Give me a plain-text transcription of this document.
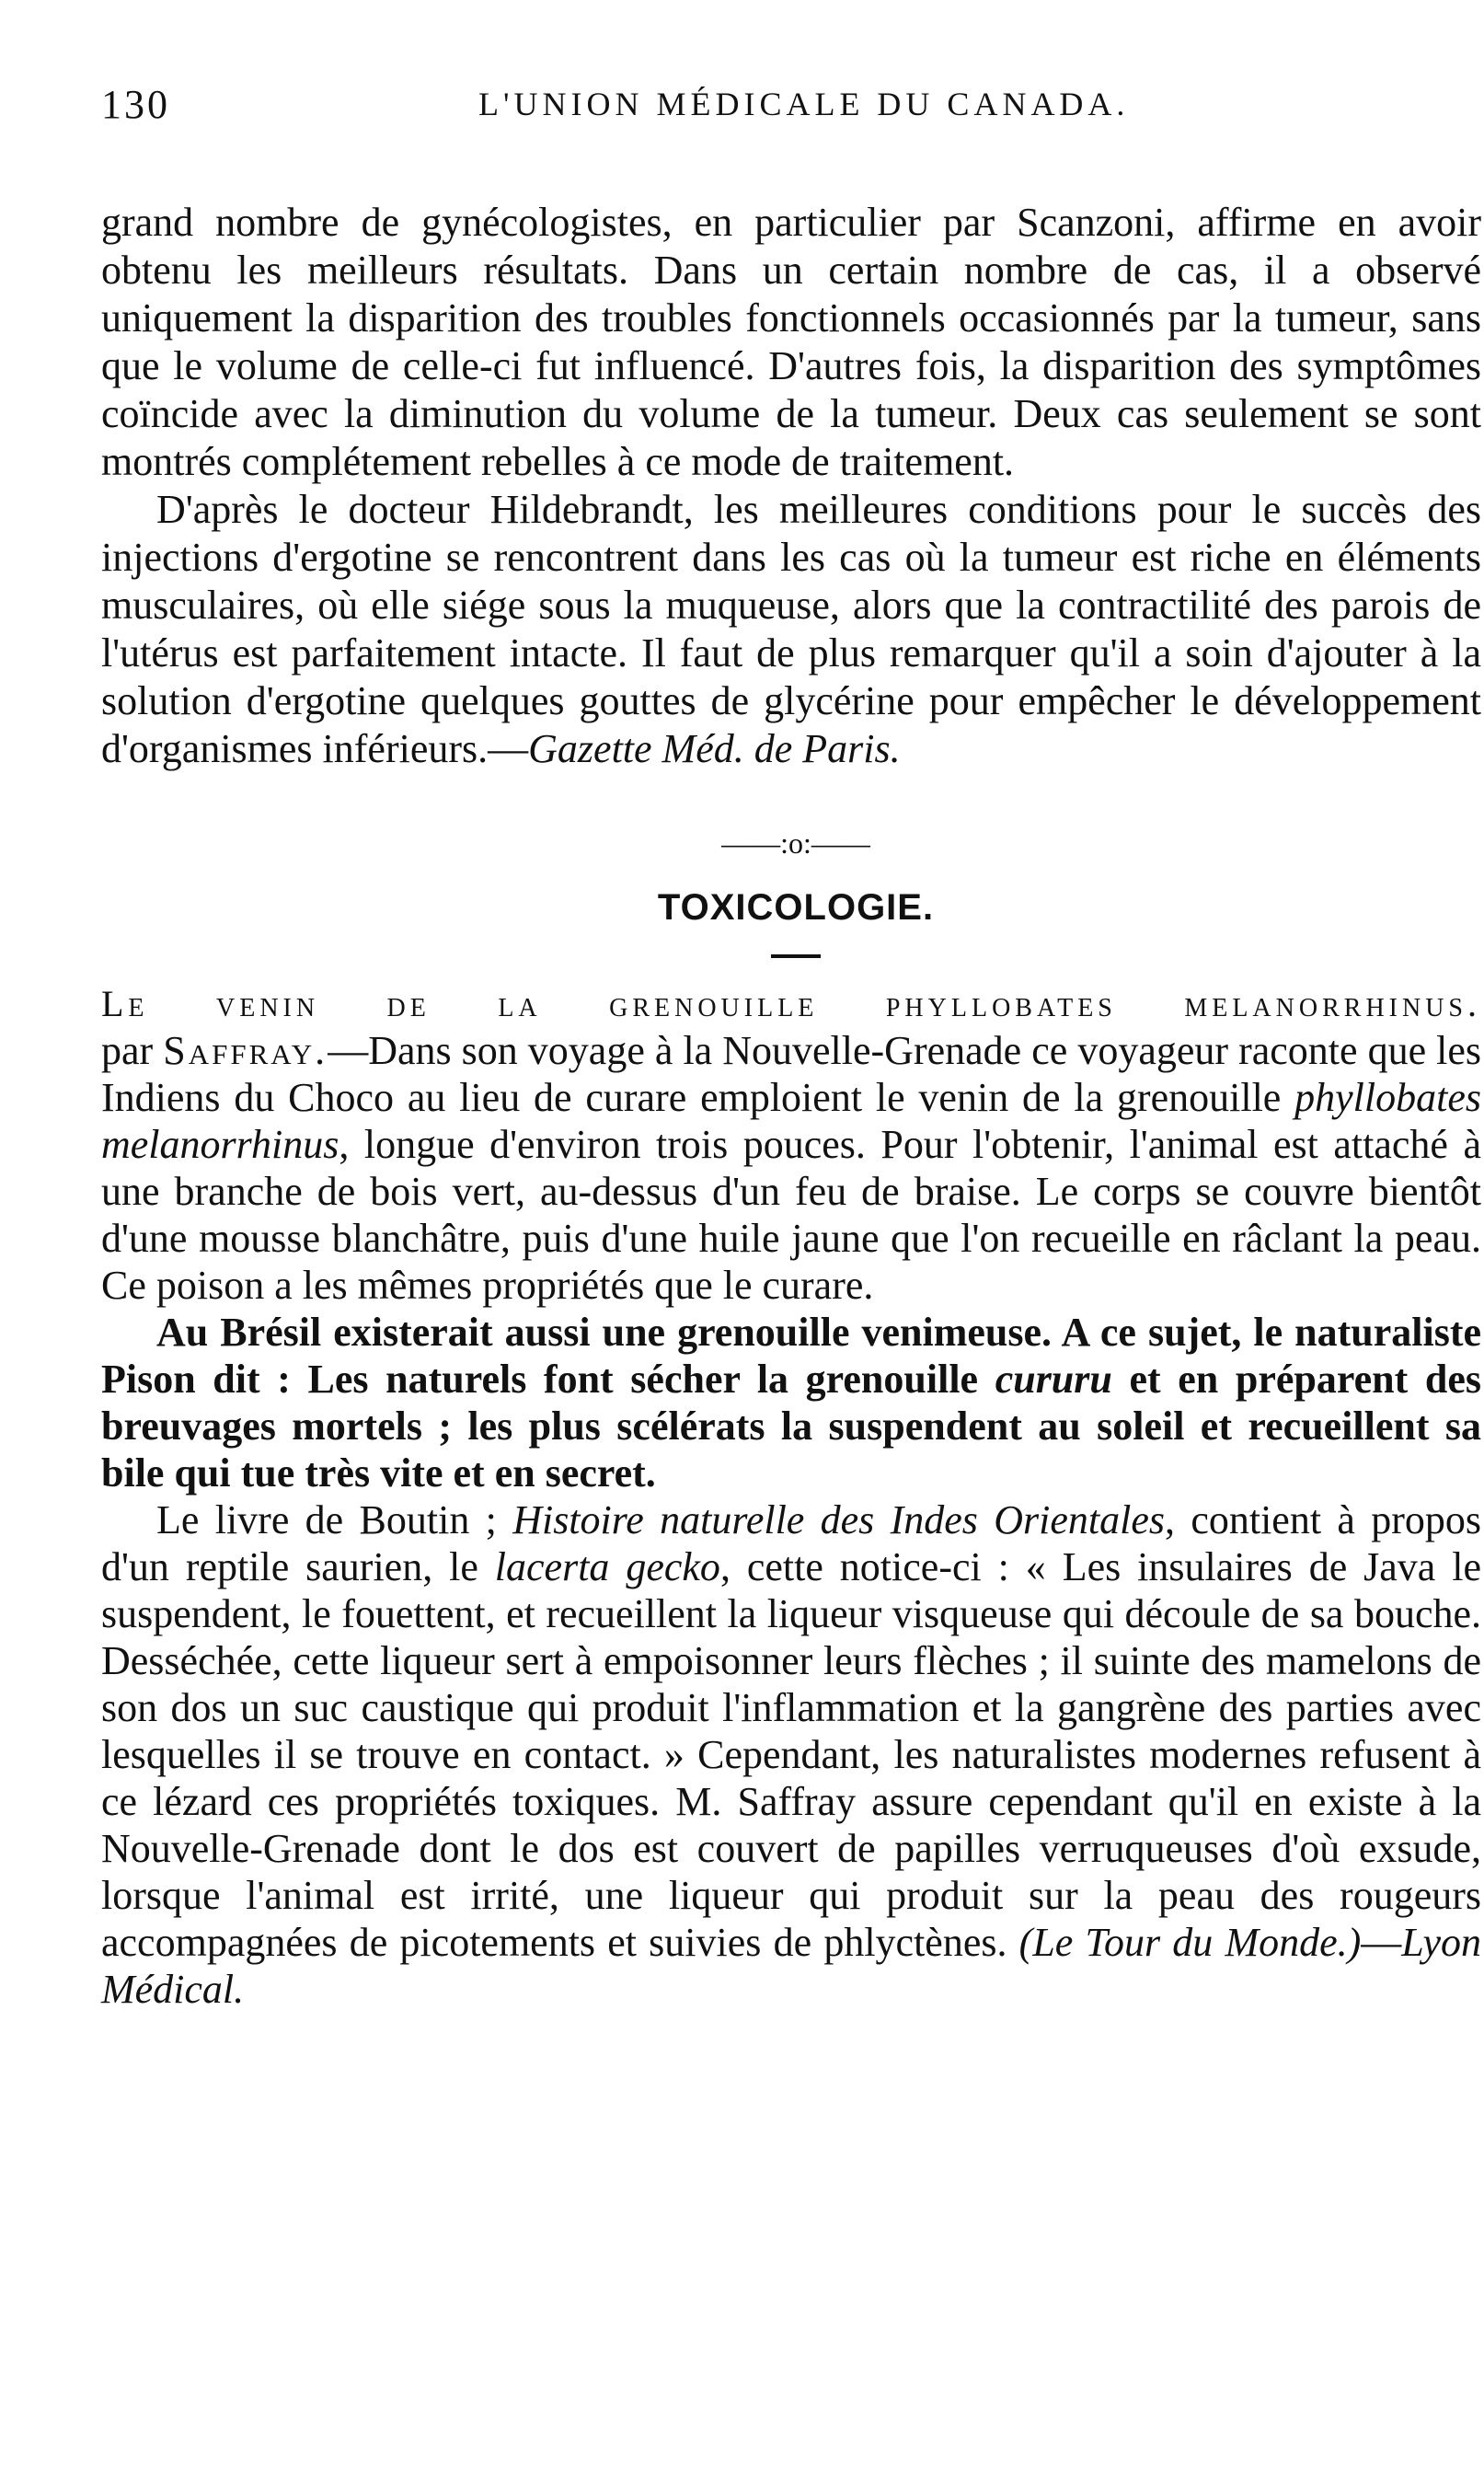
130	L'UNION MÉDICALE DU CANADA.

grand nombre de gynécologistes, en particulier par Scanzoni, affirme en avoir obtenu les meilleurs résultats. Dans un certain nombre de cas, il a observé uniquement la disparition des troubles fonctionnels occasionnés par la tumeur, sans que le volume de celle-ci fut influencé. D'autres fois, la disparition des symptômes coïncide avec la diminution du volume de la tumeur. Deux cas seulement se sont montrés complétement rebelles à ce mode de traitement.

D'après le docteur Hildebrandt, les meilleures conditions pour le succès des injections d'ergotine se rencontrent dans les cas où la tumeur est riche en éléments musculaires, où elle siége sous la muqueuse, alors que la contractilité des parois de l'utérus est parfaitement intacte. Il faut de plus remarquer qu'il a soin d'ajouter à la solution d'ergotine quelques gouttes de glycérine pour empêcher le développement d'organismes inférieurs.—Gazette Méd. de Paris.

——:o:——
TOXICOLOGIE.
Le venin de la grenouille phyllobates melanorrhinus.

par Saffray.—Dans son voyage à la Nouvelle-Grenade ce voyageur raconte que les Indiens du Choco au lieu de curare emploient le venin de la grenouille phyllobates melanorrhinus, longue d'environ trois pouces. Pour l'obtenir, l'animal est attaché à une branche de bois vert, au-dessus d'un feu de braise. Le corps se couvre bientôt d'une mousse blanchâtre, puis d'une huile jaune que l'on recueille en râclant la peau. Ce poison a les mêmes propriétés que le curare.

Au Brésil existerait aussi une grenouille venimeuse. A ce sujet, le naturaliste Pison dit : Les naturels font sécher la grenouille cururu et en préparent des breuvages mortels ; les plus scélérats la suspendent au soleil et recueillent sa bile qui tue très vite et en secret.

Le livre de Boutin ; Histoire naturelle des Indes Orientales, contient à propos d'un reptile saurien, le lacerta gecko, cette notice-ci : « Les insulaires de Java le suspendent, le fouettent, et recueillent la liqueur visqueuse qui découle de sa bouche. Desséchée, cette liqueur sert à empoisonner leurs flèches ; il suinte des mamelons de son dos un suc caustique qui produit l'inflammation et la gangrène des parties avec lesquelles il se trouve en contact. » Cependant, les naturalistes modernes refusent à ce lézard ces propriétés toxiques. M. Saffray assure cependant qu'il en existe à la Nouvelle-Grenade dont le dos est couvert de papilles verruqueuses d'où exsude, lorsque l'animal est irrité, une liqueur qui produit sur la peau des rougeurs accompagnées de picotements et suivies de phlyctènes. (Le Tour du Monde.)—Lyon Médical.
